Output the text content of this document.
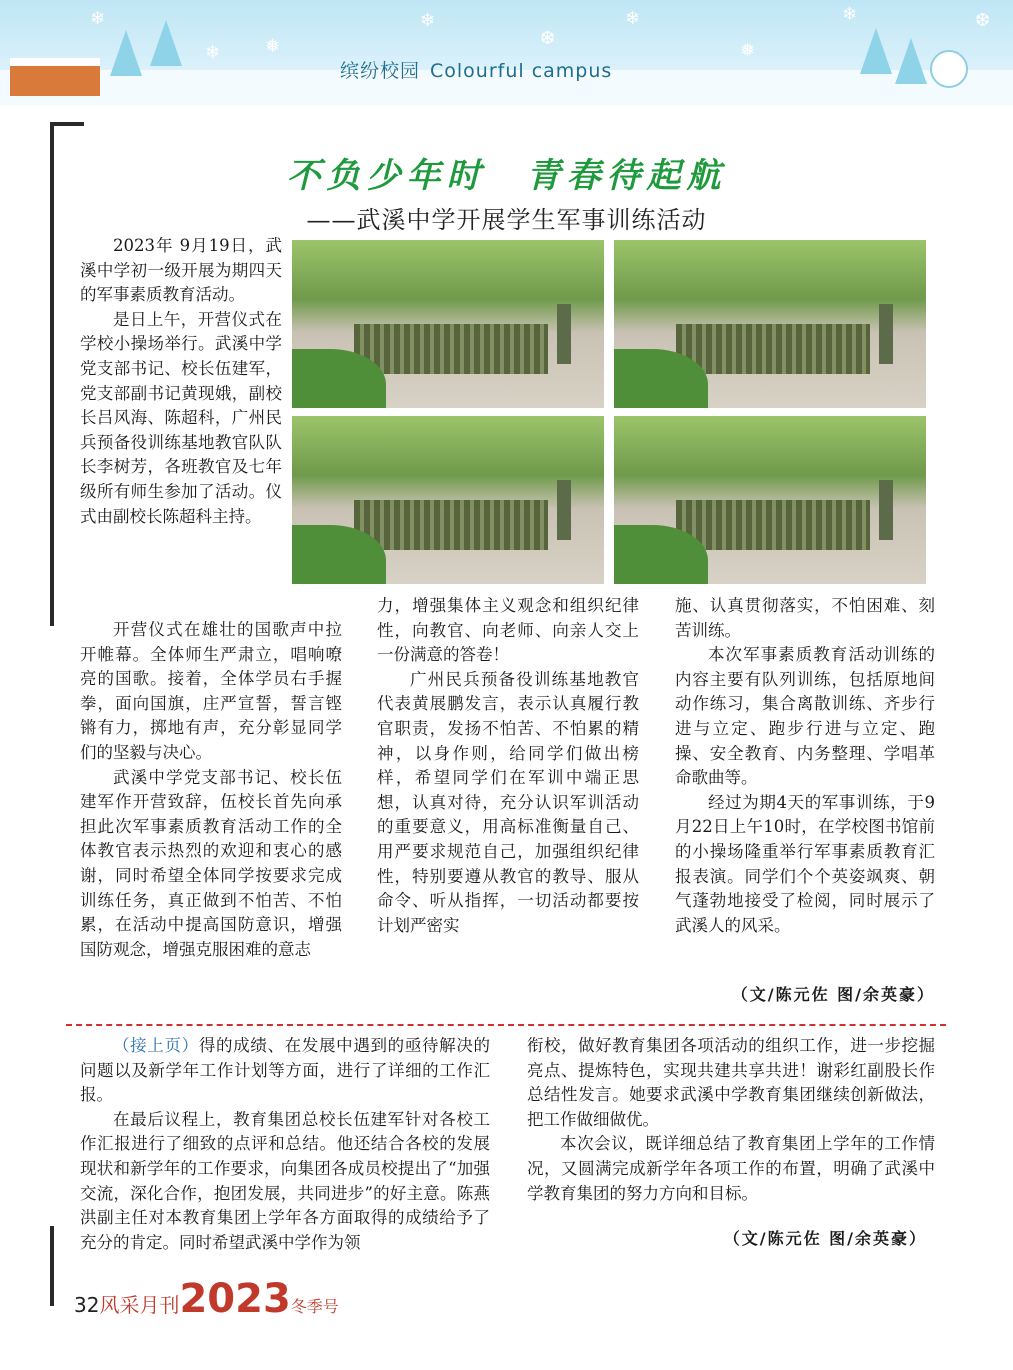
❄
❄ ❅
❄
❆
❄
❅
❄	❆
缤纷校园 Colourful campus
不负少年时　青春待起航
——武溪中学开展学生军事训练活动

2023年 9月19日，武溪中学初一级开展为期四天的军事素质教育活动。

是日上午，开营仪式在学校小操场举行。武溪中学党支部书记、校长伍建军，党支部副书记黄现娥，副校长吕风海、陈超科，广州民兵预备役训练基地教官队队长李树芳，各班教官及七年级所有师生参加了活动。仪式由副校长陈超科主持。

开营仪式在雄壮的国歌声中拉开帷幕。全体师生严肃立，唱响嘹亮的国歌。接着，全体学员右手握拳，面向国旗，庄严宣誓，誓言铿锵有力，掷地有声，充分彰显同学们的坚毅与决心。

武溪中学党支部书记、校长伍建军作开营致辞，伍校长首先向承担此次军事素质教育活动工作的全体教官表示热烈的欢迎和衷心的感谢，同时希望全体同学按要求完成训练任务，真正做到不怕苦、不怕累，在活动中提高国防意识，增强国防观念，增强克服困难的意志

力，增强集体主义观念和组织纪律性，向教官、向老师、向亲人交上一份满意的答卷！

广州民兵预备役训练基地教官代表黄展鹏发言，表示认真履行教官职责，发扬不怕苦、不怕累的精神，以身作则，给同学们做出榜样，希望同学们在军训中端正思想，认真对待，充分认识军训活动的重要意义，用高标准衡量自己、用严要求规范自己，加强组织纪律性，特别要遵从教官的教导、服从命令、听从指挥，一切活动都要按计划严密实

施、认真贯彻落实，不怕困难、刻苦训练。

本次军事素质教育活动训练的内容主要有队列训练，包括原地间动作练习，集合离散训练、齐步行进与立定、跑步行进与立定、跑操、安全教育、内务整理、学唱革命歌曲等。

经过为期4天的军事训练，于9月22日上午10时，在学校图书馆前的小操场隆重举行军事素质教育汇报表演。同学们个个英姿飒爽、朝气蓬勃地接受了检阅，同时展示了武溪人的风采。

（文/陈元佐 图/余英豪）

（接上页）得的成绩、在发展中遇到的亟待解决的问题以及新学年工作计划等方面，进行了详细的工作汇报。

在最后议程上，教育集团总校长伍建军针对各校工作汇报进行了细致的点评和总结。他还结合各校的发展现状和新学年的工作要求，向集团各成员校提出了“加强交流，深化合作，抱团发展，共同进步”的好主意。陈燕洪副主任对本教育集团上学年各方面取得的成绩给予了充分的肯定。同时希望武溪中学作为领

衔校，做好教育集团各项活动的组织工作，进一步挖掘亮点、提炼特色，实现共建共享共进！谢彩红副股长作总结性发言。她要求武溪中学教育集团继续创新做法，把工作做细做优。

本次会议，既详细总结了教育集团上学年的工作情况，又圆满完成新学年各项工作的布置，明确了武溪中学教育集团的努力方向和目标。

（文/陈元佐 图/余英豪）
32风采月刊2023冬季号
